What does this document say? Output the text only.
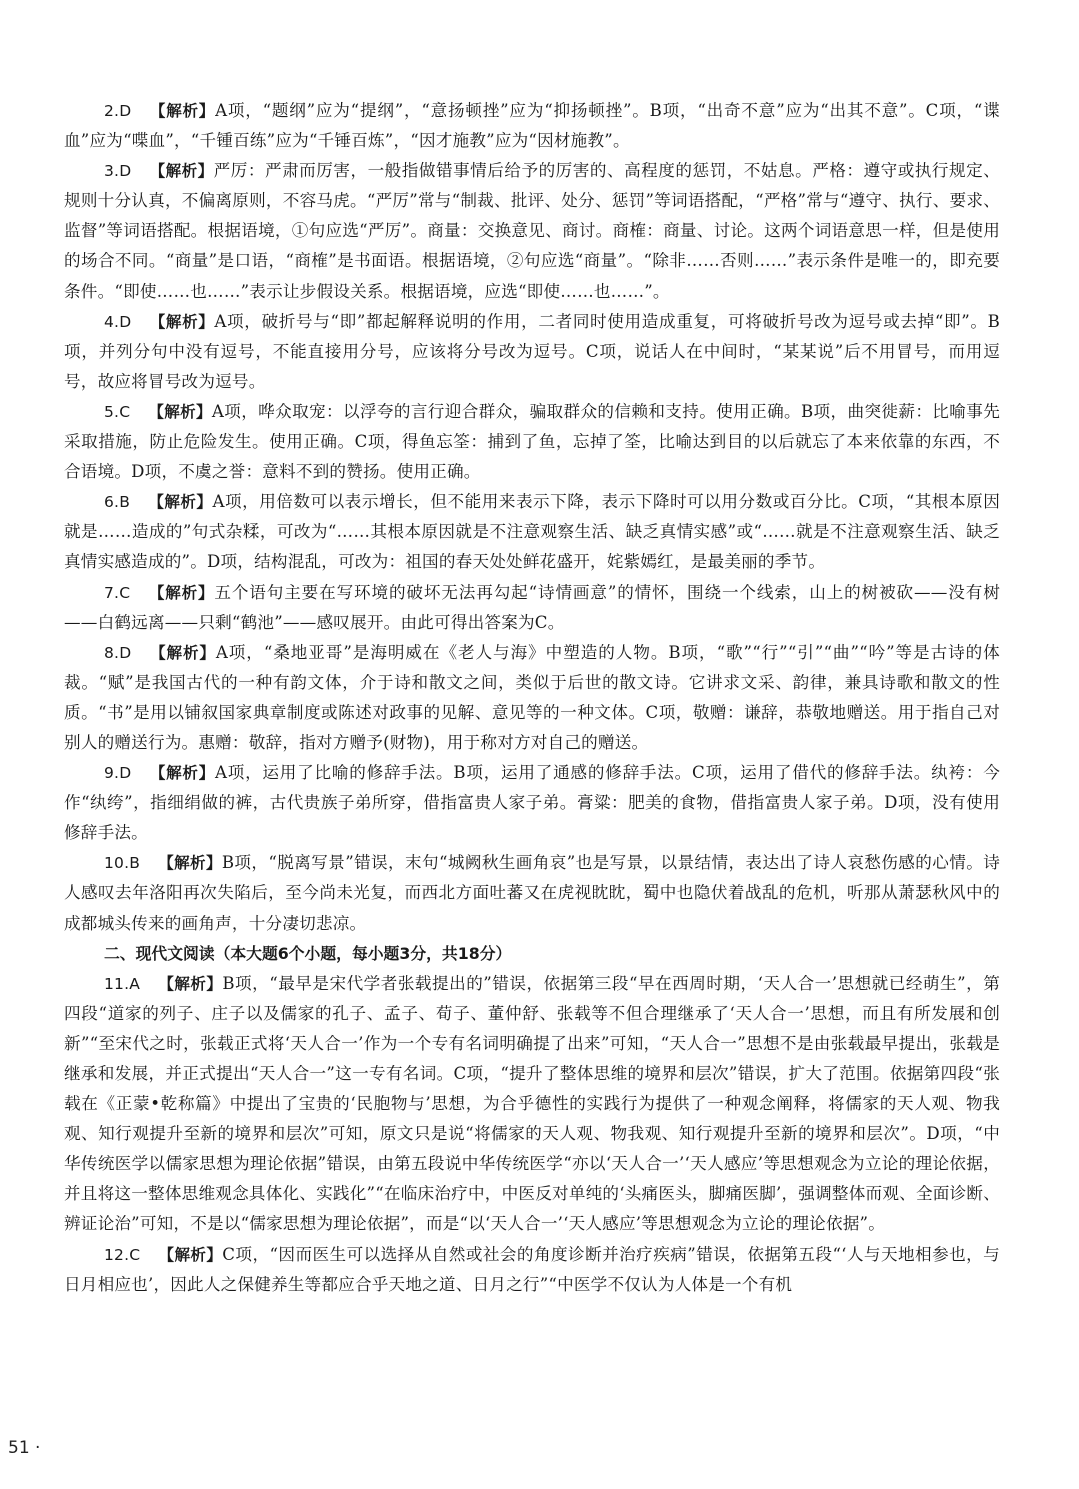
2.D 【解析】A项，“题纲”应为“提纲”，“意扬顿挫”应为“抑扬顿挫”。B项，“出奇不意”应为“出其不意”。C项，“谍血”应为“喋血”，“千锺百练”应为“千锤百炼”，“因才施教”应为“因材施教”。

3.D 【解析】严厉：严肃而厉害，一般指做错事情后给予的厉害的、高程度的惩罚，不姑息。严格：遵守或执行规定、规则十分认真，不偏离原则，不容马虎。“严厉”常与“制裁、批评、处分、惩罚”等词语搭配，“严格”常与“遵守、执行、要求、监督”等词语搭配。根据语境，①句应选“严厉”。商量：交换意见、商讨。商榷：商量、讨论。这两个词语意思一样，但是使用的场合不同。“商量”是口语，“商榷”是书面语。根据语境，②句应选“商量”。“除非……否则……”表示条件是唯一的，即充要条件。“即使……也……”表示让步假设关系。根据语境，应选“即使……也……”。

4.D 【解析】A项，破折号与“即”都起解释说明的作用，二者同时使用造成重复，可将破折号改为逗号或去掉“即”。B项，并列分句中没有逗号，不能直接用分号，应该将分号改为逗号。C项，说话人在中间时，“某某说”后不用冒号，而用逗号，故应将冒号改为逗号。

5.C 【解析】A项，哗众取宠：以浮夸的言行迎合群众，骗取群众的信赖和支持。使用正确。B项，曲突徙薪：比喻事先采取措施，防止危险发生。使用正确。C项，得鱼忘筌：捕到了鱼，忘掉了筌，比喻达到目的以后就忘了本来依靠的东西，不合语境。D项，不虞之誉：意料不到的赞扬。使用正确。

6.B 【解析】A项，用倍数可以表示增长，但不能用来表示下降，表示下降时可以用分数或百分比。C项，“其根本原因就是……造成的”句式杂糅，可改为“……其根本原因就是不注意观察生活、缺乏真情实感”或“……就是不注意观察生活、缺乏真情实感造成的”。D项，结构混乱，可改为：祖国的春天处处鲜花盛开，姹紫嫣红，是最美丽的季节。

7.C 【解析】五个语句主要在写环境的破坏无法再勾起“诗情画意”的情怀，围绕一个线索，山上的树被砍——没有树——白鹤远离——只剩“鹤池”——感叹展开。由此可得出答案为C。

8.D 【解析】A项，“桑地亚哥”是海明威在《老人与海》中塑造的人物。B项，“歌”“行”“引”“曲”“吟”等是古诗的体裁。“赋”是我国古代的一种有韵文体，介于诗和散文之间，类似于后世的散文诗。它讲求文采、韵律，兼具诗歌和散文的性质。“书”是用以铺叙国家典章制度或陈述对政事的见解、意见等的一种文体。C项，敬赠：谦辞，恭敬地赠送。用于指自己对别人的赠送行为。惠赠：敬辞，指对方赠予(财物)，用于称对方对自己的赠送。

9.D 【解析】A项，运用了比喻的修辞手法。B项，运用了通感的修辞手法。C项，运用了借代的修辞手法。纨袴：今作“纨绔”，指细绢做的裤，古代贵族子弟所穿，借指富贵人家子弟。膏粱：肥美的食物，借指富贵人家子弟。D项，没有使用修辞手法。

10.B 【解析】B项，“脱离写景”错误，末句“城阙秋生画角哀”也是写景，以景结情，表达出了诗人哀愁伤感的心情。诗人感叹去年洛阳再次失陷后，至今尚未光复，而西北方面吐蕃又在虎视眈眈，蜀中也隐伏着战乱的危机，听那从萧瑟秋风中的成都城头传来的画角声，十分凄切悲凉。

二、现代文阅读（本大题6个小题，每小题3分，共18分）

11.A 【解析】B项，“最早是宋代学者张载提出的”错误，依据第三段“早在西周时期，‘天人合一’思想就已经萌生”，第四段“道家的列子、庄子以及儒家的孔子、孟子、荀子、董仲舒、张载等不但合理继承了‘天人合一’思想，而且有所发展和创新”“至宋代之时，张载正式将‘天人合一’作为一个专有名词明确提了出来”可知，“天人合一”思想不是由张载最早提出，张载是继承和发展，并正式提出“天人合一”这一专有名词。C项，“提升了整体思维的境界和层次”错误，扩大了范围。依据第四段“张载在《正蒙•乾称篇》中提出了宝贵的‘民胞物与’思想，为合乎德性的实践行为提供了一种观念阐释，将儒家的天人观、物我观、知行观提升至新的境界和层次”可知，原文只是说“将儒家的天人观、物我观、知行观提升至新的境界和层次”。D项，“中华传统医学以儒家思想为理论依据”错误，由第五段说中华传统医学“亦以‘天人合一’‘天人感应’等思想观念为立论的理论依据，并且将这一整体思维观念具体化、实践化”“在临床治疗中，中医反对单纯的‘头痛医头，脚痛医脚’，强调整体而观、全面诊断、辨证论治”可知，不是以“儒家思想为理论依据”，而是“以‘天人合一’‘天人感应’等思想观念为立论的理论依据”。

12.C 【解析】C项，“因而医生可以选择从自然或社会的角度诊断并治疗疾病”错误，依据第五段“‘人与天地相参也，与日月相应也’，因此人之保健养生等都应合乎天地之道、日月之行”“中医学不仅认为人体是一个有机

51 ·
